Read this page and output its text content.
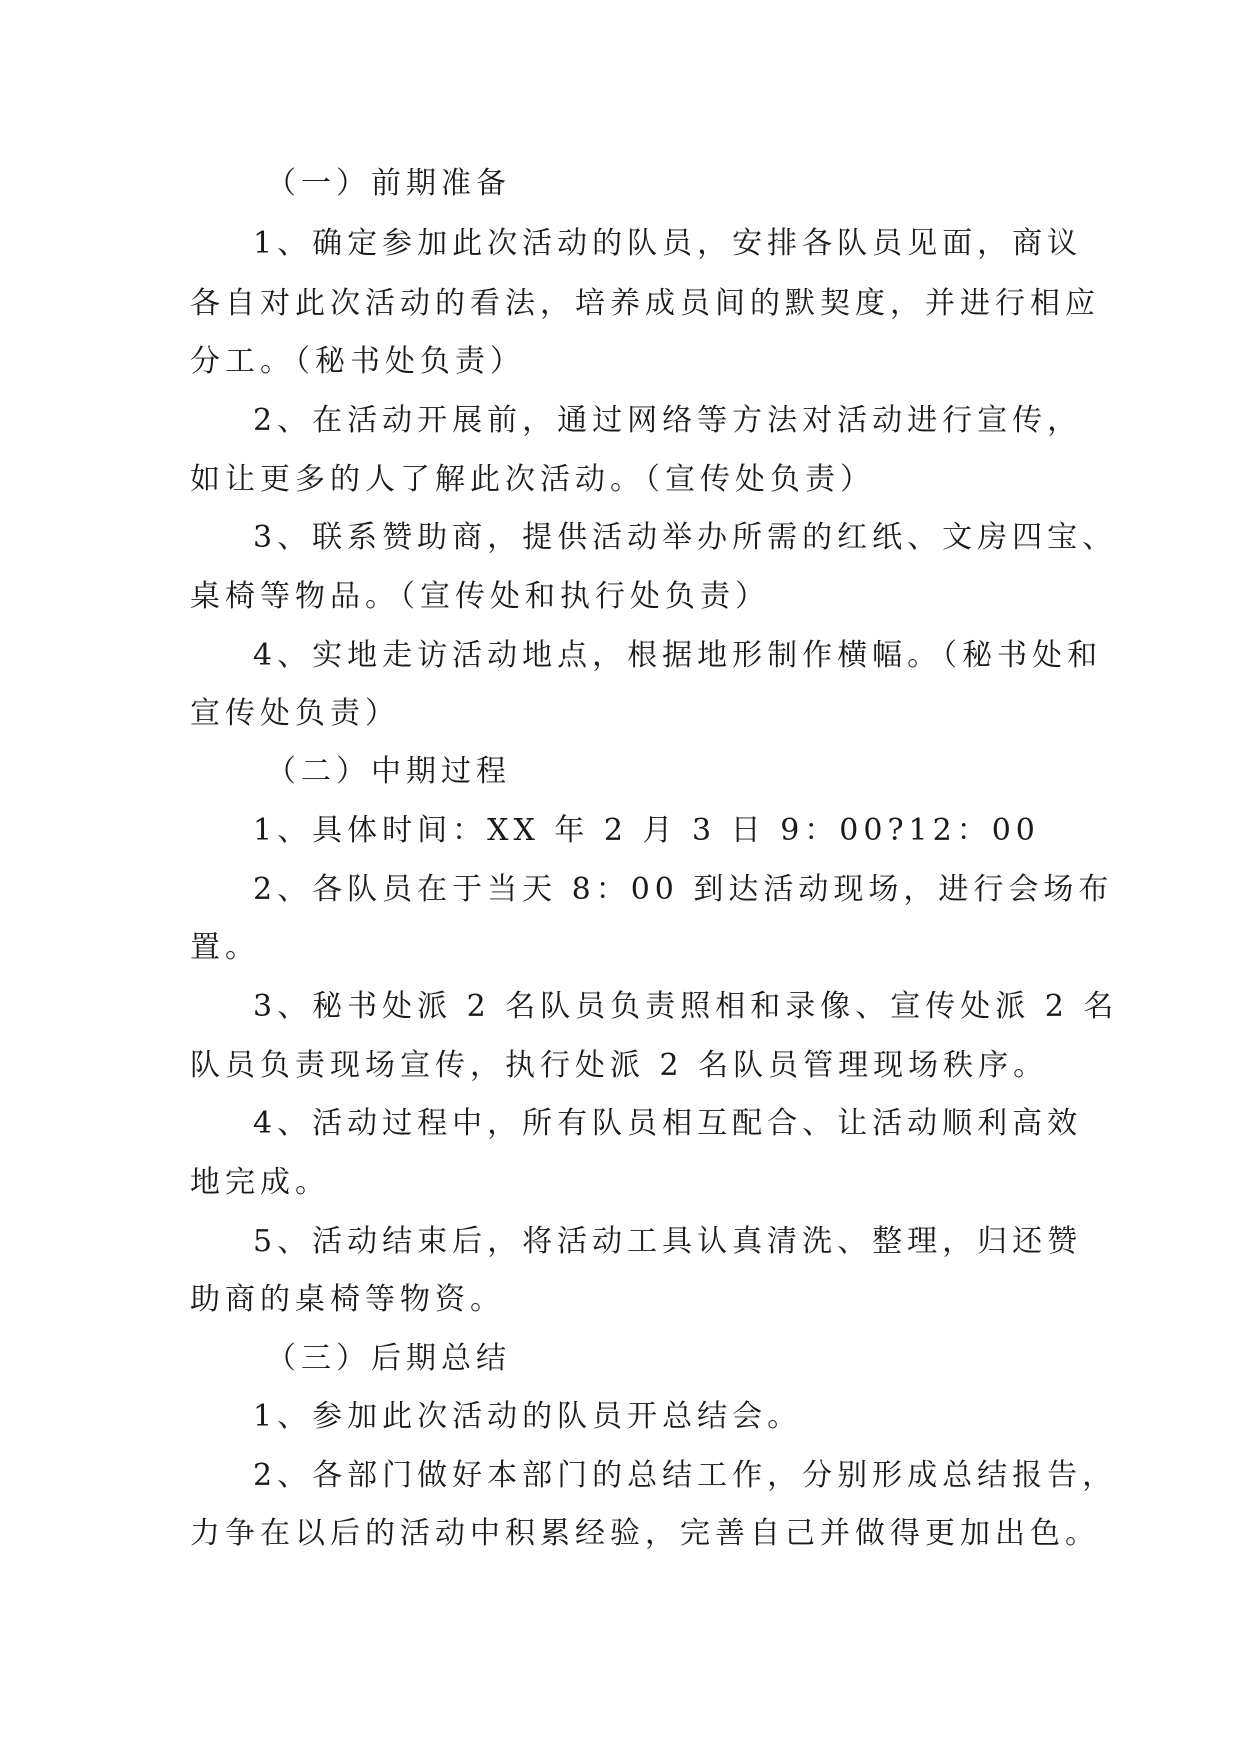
（一）前期准备
1、确定参加此次活动的队员，安排各队员见面，商议
各自对此次活动的看法，培养成员间的默契度，并进行相应
分工。（秘书处负责）
2、在活动开展前，通过网络等方法对活动进行宣传，
如让更多的人了解此次活动。（宣传处负责）
3、联系赞助商，提供活动举办所需的红纸、文房四宝、
桌椅等物品。（宣传处和执行处负责）
4、实地走访活动地点，根据地形制作横幅。（秘书处和
宣传处负责）
（二）中期过程
1、具体时间：XX 年 2 月 3 日 9：00?12：00
2、各队员在于当天 8：00 到达活动现场，进行会场布
置。
3、秘书处派 2 名队员负责照相和录像、宣传处派 2 名
队员负责现场宣传，执行处派 2 名队员管理现场秩序。
4、活动过程中，所有队员相互配合、让活动顺利高效
地完成。
5、活动结束后，将活动工具认真清洗、整理，归还赞
助商的桌椅等物资。
（三）后期总结
1、参加此次活动的队员开总结会。
2、各部门做好本部门的总结工作，分别形成总结报告，
力争在以后的活动中积累经验，完善自己并做得更加出色。
